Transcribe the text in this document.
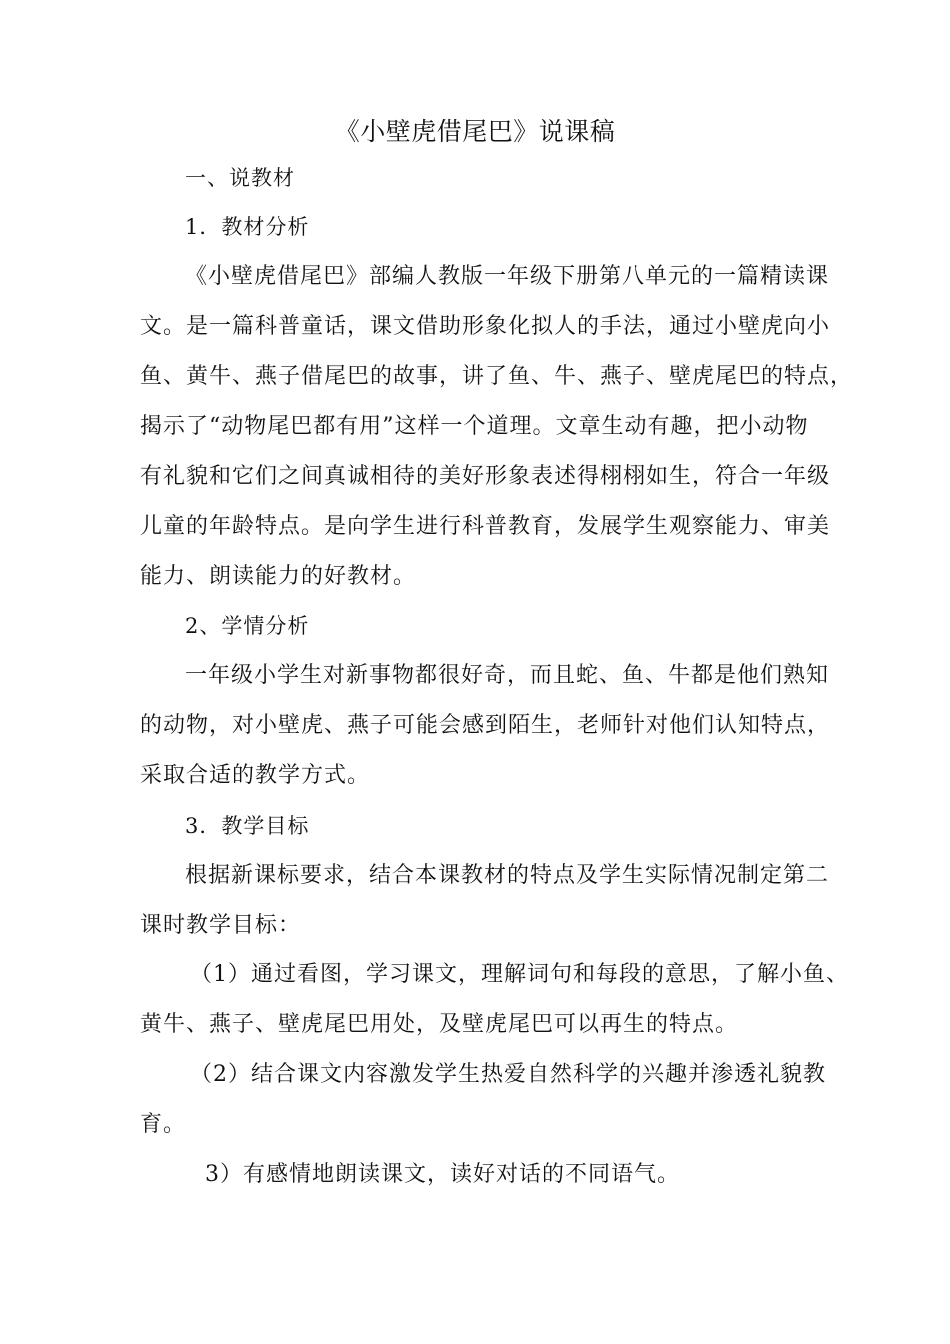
《小壁虎借尾巴》说课稿
一、说教材
1．教材分析
《小壁虎借尾巴》部编人教版一年级下册第八单元的一篇精读课
文。是一篇科普童话，课文借助形象化拟人的手法，通过小壁虎向小
鱼、黄牛、燕子借尾巴的故事，讲了鱼、牛、燕子、壁虎尾巴的特点，
揭示了“动物尾巴都有用”这样一个道理。文章生动有趣，把小动物
有礼貌和它们之间真诚相待的美好形象表述得栩栩如生，符合一年级
儿童的年龄特点。是向学生进行科普教育，发展学生观察能力、审美
能力、朗读能力的好教材。
2、学情分析
一年级小学生对新事物都很好奇，而且蛇、鱼、牛都是他们熟知
的动物，对小壁虎、燕子可能会感到陌生，老师针对他们认知特点，
采取合适的教学方式。
3．教学目标
根据新课标要求，结合本课教材的特点及学生实际情况制定第二
课时教学目标：
（1）通过看图，学习课文，理解词句和每段的意思，了解小鱼、
黄牛、燕子、壁虎尾巴用处，及壁虎尾巴可以再生的特点。
（2）结合课文内容激发学生热爱自然科学的兴趣并渗透礼貌教
育。
3）有感情地朗读课文，读好对话的不同语气。
